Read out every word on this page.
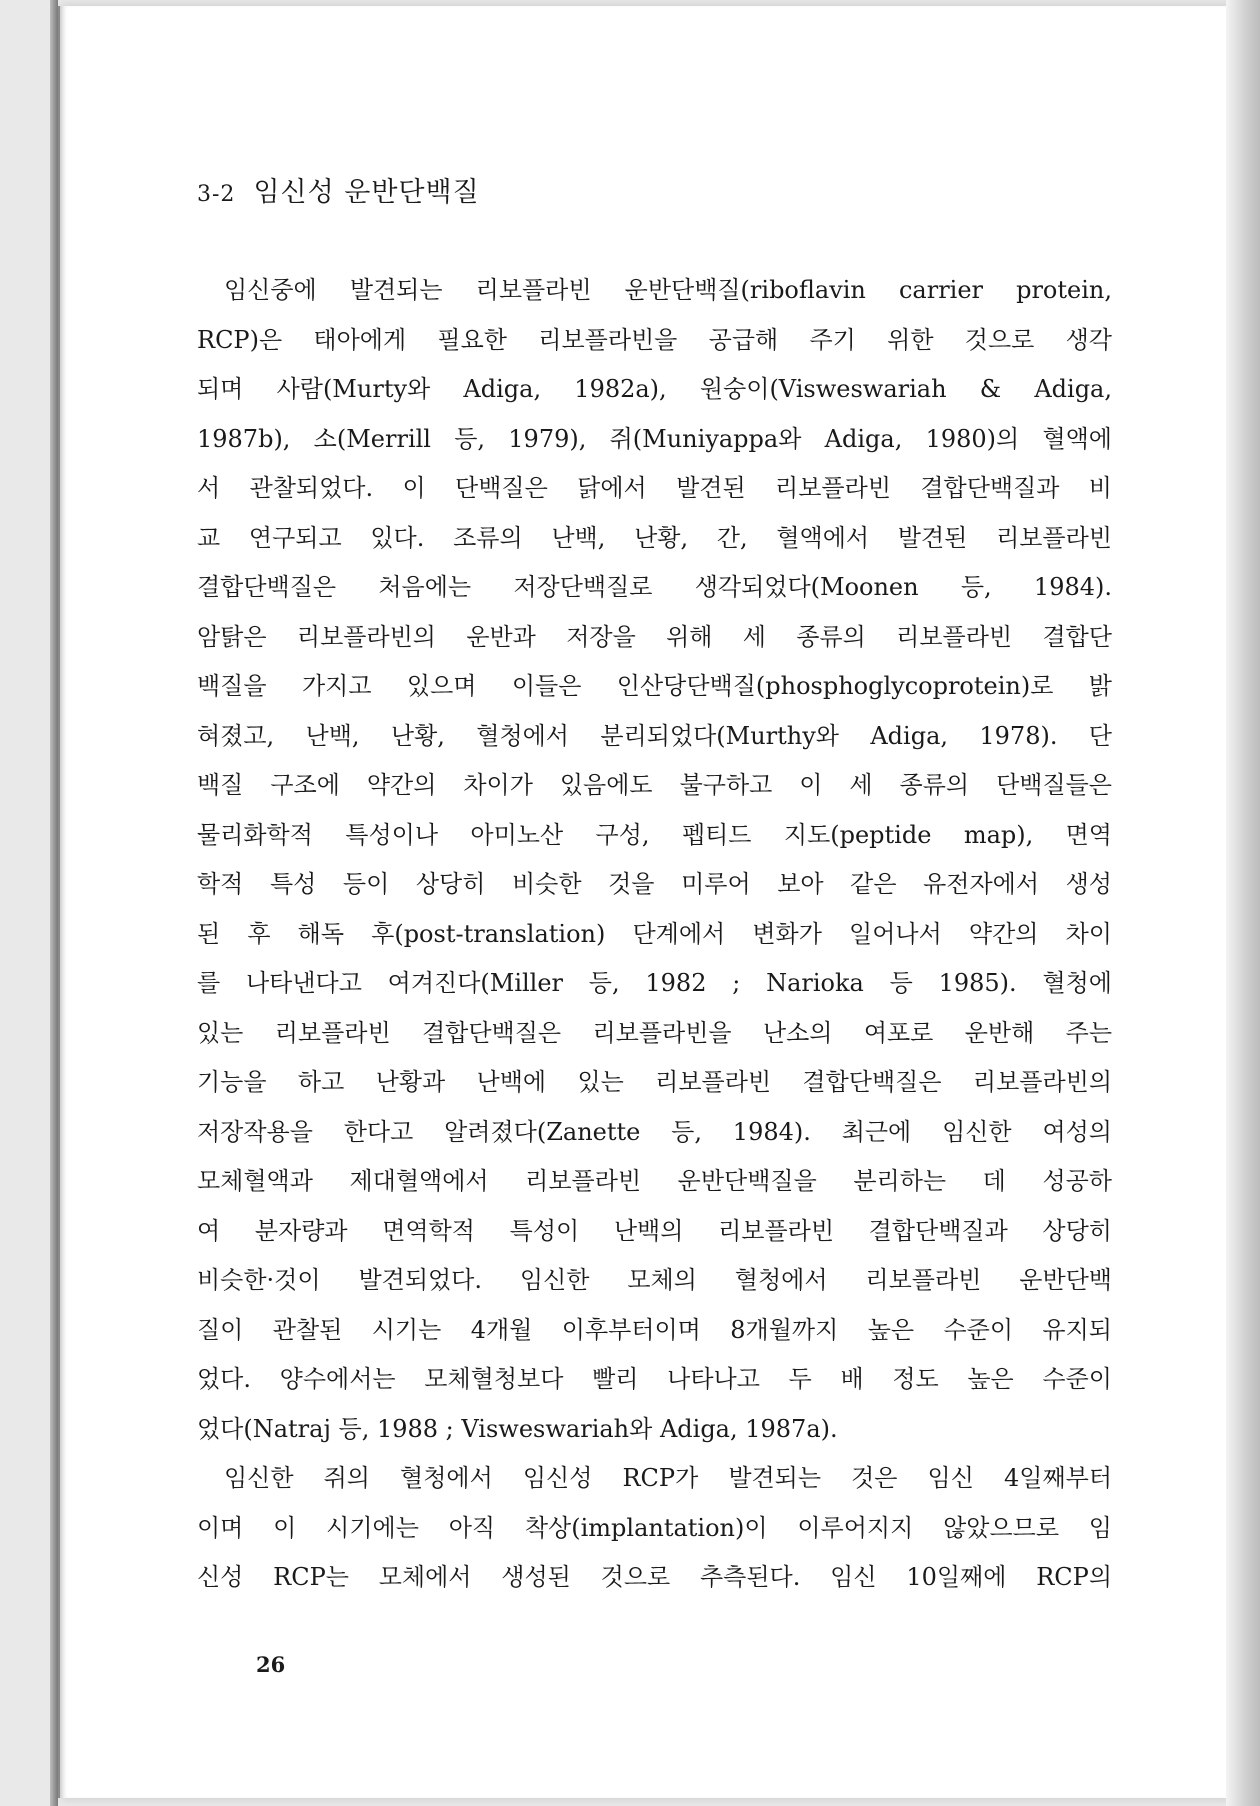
3-2 임신성 운반단백질
임신중에 발견되는 리보플라빈 운반단백질(riboflavin carrier protein,
RCP)은 태아에게 필요한 리보플라빈을 공급해 주기 위한 것으로 생각
되며 사람(Murty와 Adiga, 1982a), 원숭이(Visweswariah & Adiga,
1987b), 소(Merrill 등, 1979), 쥐(Muniyappa와 Adiga, 1980)의 혈액에
서 관찰되었다. 이 단백질은 닭에서 발견된 리보플라빈 결합단백질과 비
교 연구되고 있다. 조류의 난백, 난황, 간, 혈액에서 발견된 리보플라빈
결합단백질은 처음에는 저장단백질로 생각되었다(Moonen 등, 1984).
암탉은 리보플라빈의 운반과 저장을 위해 세 종류의 리보플라빈 결합단
백질을 가지고 있으며 이들은 인산당단백질(phosphoglycoprotein)로 밝
혀졌고, 난백, 난황, 혈청에서 분리되었다(Murthy와 Adiga, 1978). 단
백질 구조에 약간의 차이가 있음에도 불구하고 이 세 종류의 단백질들은
물리화학적 특성이나 아미노산 구성, 펩티드 지도(peptide map), 면역
학적 특성 등이 상당히 비슷한 것을 미루어 보아 같은 유전자에서 생성
된 후 해독 후(post-translation) 단계에서 변화가 일어나서 약간의 차이
를 나타낸다고 여겨진다(Miller 등, 1982 ; Narioka 등 1985). 혈청에
있는 리보플라빈 결합단백질은 리보플라빈을 난소의 여포로 운반해 주는
기능을 하고 난황과 난백에 있는 리보플라빈 결합단백질은 리보플라빈의
저장작용을 한다고 알려졌다(Zanette 등, 1984). 최근에 임신한 여성의
모체혈액과 제대혈액에서 리보플라빈 운반단백질을 분리하는 데 성공하
여 분자량과 면역학적 특성이 난백의 리보플라빈 결합단백질과 상당히
비슷한·것이 발견되었다. 임신한 모체의 혈청에서 리보플라빈 운반단백
질이 관찰된 시기는 4개월 이후부터이며 8개월까지 높은 수준이 유지되
었다. 양수에서는 모체혈청보다 빨리 나타나고 두 배 정도 높은 수준이
었다(Natraj 등, 1988 ; Visweswariah와 Adiga, 1987a).
임신한 쥐의 혈청에서 임신성 RCP가 발견되는 것은 임신 4일째부터
이며 이 시기에는 아직 착상(implantation)이 이루어지지 않았으므로 임
신성 RCP는 모체에서 생성된 것으로 추측된다. 임신 10일째에 RCP의
26
